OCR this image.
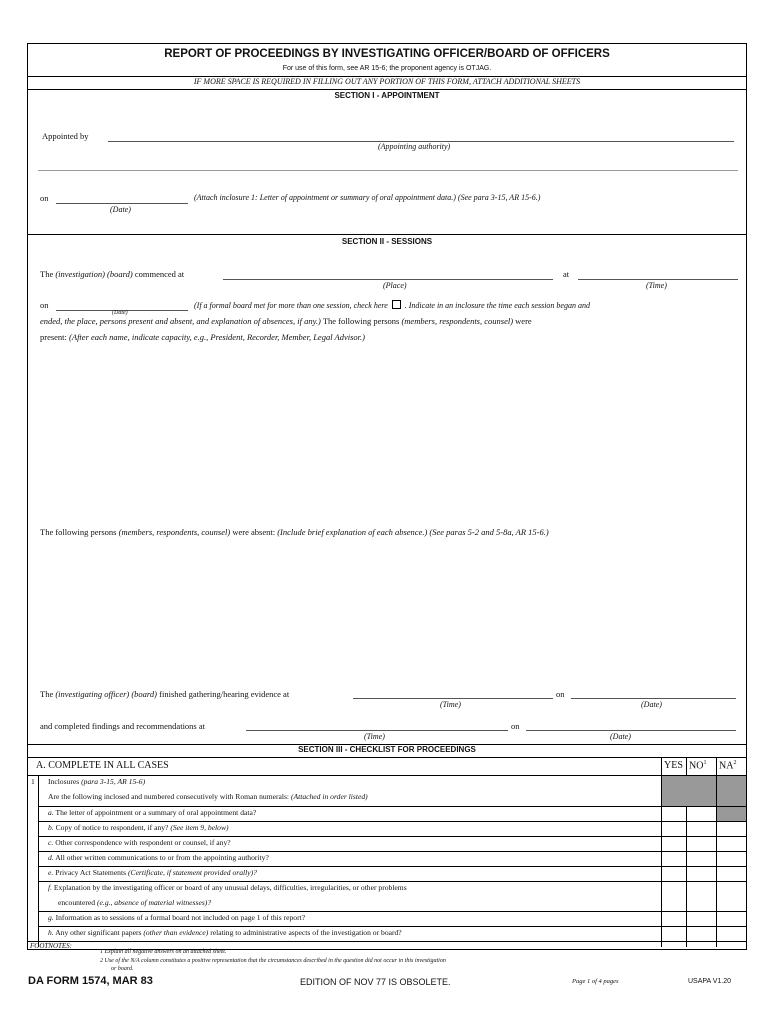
REPORT OF PROCEEDINGS BY INVESTIGATING OFFICER/BOARD OF OFFICERS
For use of this form, see AR 15-6; the proponent agency is OTJAG.
IF MORE SPACE IS REQUIRED IN FILLING OUT ANY PORTION OF THIS FORM, ATTACH ADDITIONAL SHEETS
SECTION I - APPOINTMENT
Appointed by
(Appointing authority)
on
(Date)
(Attach inclosure 1: Letter of appointment or summary of oral appointment data.) (See para 3-15, AR 15-6.)
SECTION II - SESSIONS
The (investigation) (board) commenced at
(Place)
at
(Time)
on
(Date)
(If a formal board met for more than one session, check here . Indicate in an inclosure the time each session began and
ended, the place, persons present and absent, and explanation of absences, if any.) The following persons (members, respondents, counsel) were
present: (After each name, indicate capacity, e.g., President, Recorder, Member, Legal Advisor.)
The following persons (members, respondents, counsel) were absent: (Include brief explanation of each absence.) (See paras 5-2 and 5-8a, AR 15-6.)
The (investigating officer) (board) finished gathering/hearing evidence at
(Time)
on
(Date)
and completed findings and recommendations at
(Time)
on
(Date)
SECTION III - CHECKLIST FOR PROCEEDINGS
A. COMPLETE IN ALL CASES	YES $NO^1$ $NA^2$
1 Inclosures (para 3-15, AR 15-6)
Are the following inclosed and numbered consecutively with Roman numerals: (Attached in order listed)
a. The letter of appointment or a summary of oral appointment data?
b. Copy of notice to respondent, if any? (See item 9, below)
c. Other correspondence with respondent or counsel, if any?
d. All other written communications to or from the appointing authority?
e. Privacy Act Statements (Certificate, if statement provided orally)?
f. Explanation by the investigating officer or board of any unusual delays, difficulties, irregularities, or other problems
encountered (e.g., absence of material witnesses)?
g. Information as to sessions of a formal board not included on page 1 of this report?
h. Any other significant papers (other than evidence) relating to administrative aspects of the investigation or board?
FOOTNOTES:
1 Explain all negative answers on an attached sheet.
2 Use of the N/A column constitutes a positive representation that the circumstances described in the question did not occur in this investigation
or board.
DA FORM 1574, MAR 83	EDITION OF NOV 77 IS OBSOLETE.	Page 1 of 4 pages	USAPA V1.20
